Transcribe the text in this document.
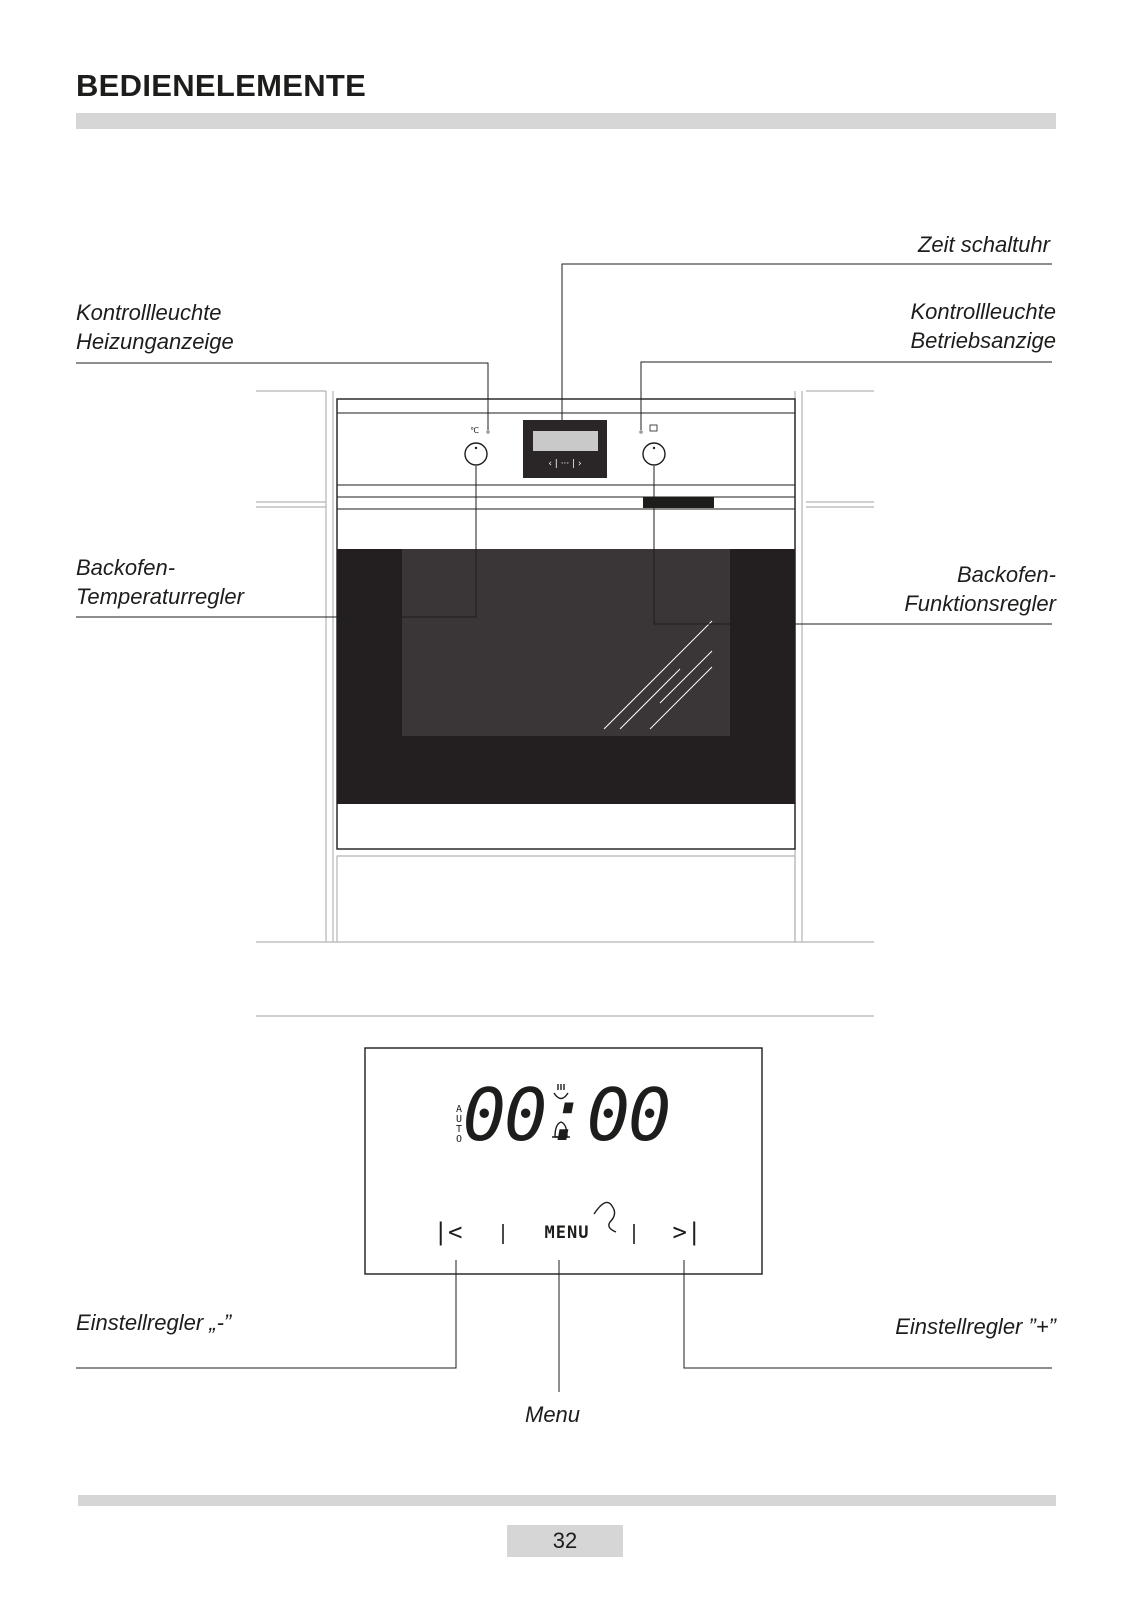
BEDIENELEMENTE
Zeit schaltuhr
Kontrollleuchte
Heizunganzeige
Kontrollleuchte
Betriebsanzige
Backofen-
Temperaturregler
Backofen-
Funktionsregler
Einstellregler „-”	Einstellregler ”+”
Menu
℃
‹ | ··· | ›
A
U
T
O 00:00
MENU
|<	>|
32
